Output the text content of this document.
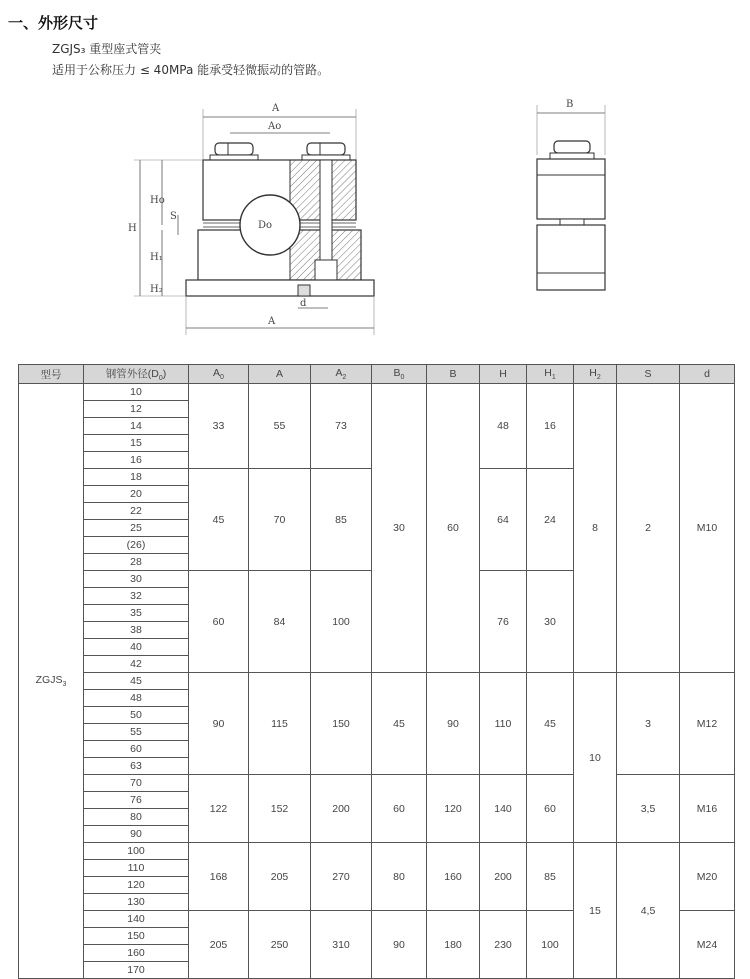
一、外形尺寸
ZGJS₃ 重型座式管夹
适用于公称压力 ≤ 40MPa 能承受轻微振动的管路。
A
Ao
Do
H
Ho
S
H₁
H₂
d
A
B
型号	钢管外径$(D_0)$	$A_0$	A	$A_2$	$B_0$	B	H	$H_1$	$H_2$	S	d
$ZGJS_3$	10	33	55	73	30	60	48	16	8	2	M10
	12										
	14										
	15										
	16										
	18	45	70	85			64	24			
	20										
	22										
	25										
	(26)										
	28										
	30	60	84	100			76	30			
	32										
	35										
	38										
	40										
	42										
	45	90	115	150	45	90	110	45	10	3	M12
	48										
	50										
	55										
	60										
	63										
	70	122	152	200	60	120	140	60		3,5	M16
	76										
	80										
	90										
	100	168	205	270	80	160	200	85	15	4,5	M20
	110										
	120										
	130										
	140	205	250	310	90	180	230	100			M24
	150										
	160										
	170										
